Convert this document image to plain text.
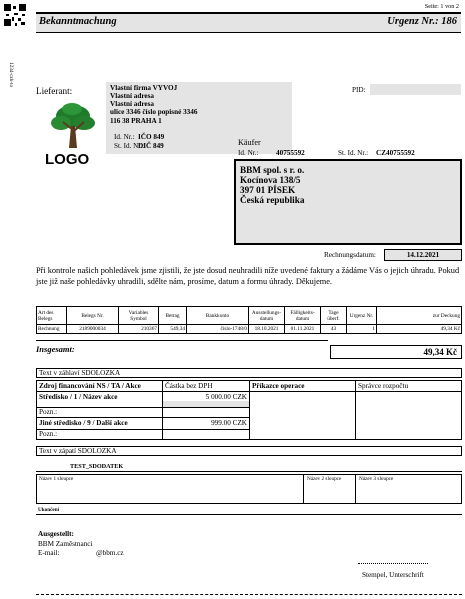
Seite: 1 von 2
1234-czk-to
Bekanntmachung	Urgenz Nr.: 186
Lieferant:	Vlastní firma VYVOJ
Vlastní adresa
Vlastní adresa
ulice 3346 číslo popisné 3346
116 38 PRAHA 1
Id. Nr.: IČO 849
St. Id. Nr.:
DIČ 849
PID:
LOGO
Käufer
Id. Nr.: 40755592	St. Id. Nr.: CZ40755592
BBM spol. s r. o.
Kocínova 138/5
397 01 PÍSEK
Česká republika
Rechnungsdatum:	14.12.2021
Při kontrole našich pohledávek jsme zjistili, že jste dosud neuhradili níže uvedené faktury a žádáme Vás o jejich úhradu. Pokud jste již naše pohledávky uhradili, sdělte nám, prosíme, datum a formu úhrady. Děkujeme.
Art des Belegs	Belegs Nr.	Variables Symbol	Betrag	Bankkonto	Ausstellungs-datum	Fälligkeits-datum	Tage überf.	Urgenz Nr.	zur Deckung
Rechnung	2189000034	210367	549,34	číslo-1748/0	18.10.2021	01.11.2021	43	1	49,34 Kč
Insgesamt:	49,34 Kč
Text v záhlaví SDOLOZKA
Zdroj financování NS / TA / Akce	Částka bez DPH	Příkazce operace	Správce rozpočtu
Středisko / 1 / Název akce	5 000.00 CZK
Pozn.:
Jiné středisko / 9 / Další akce	999.00 CZK
Pozn.:
Text v zápatí SDOLOZKA
TEST_SDODATEK
Název 1 sloupce	Název 2 sloupce	Název 3 sloupce
Ukončení
Ausgestellt:
BBM Zaměstnanci
E-mail:	@bbm.cz
Stempel, Unterschrift
